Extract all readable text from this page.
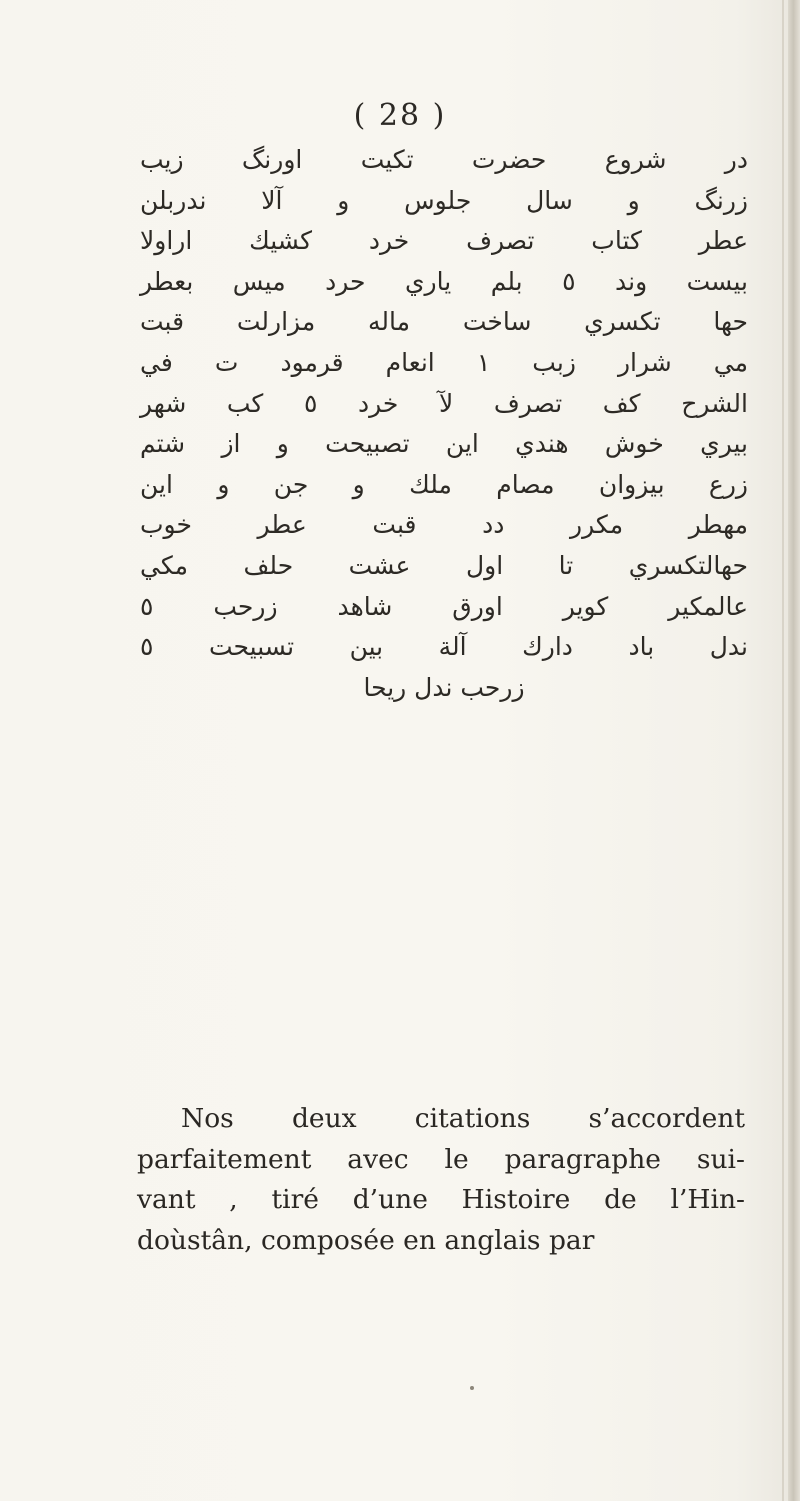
( 28 )
در شروع حضرت تكيت اورنگ زيب
زرنگ و سال جلوس و آلا ندربلن
عطر كتاب تصرف خرد كشيك اراولا
بيست وند ٥ بلم ياري حرد ميس بعطر
حها تكسري ساخت ماله مزارلت قبت
مي شرار زبب ١ انعام قرمود ت في
الشرح كف تصرف لآ خرد ٥ كب شهر
بيري خوش هندي اين تصبيحت و از شتم
زرع بيزوان مصام ملك و جن و اين
مهطر مكرر دد قبت عطر خوب
حهالتكسري تا اول عشت حلف مكي
عالمكير كوير اورق شاهد زرحب ٥
ندل باد دارك آلة بين تسبيحت ٥
زرحب ندل ريحا
Nos deux citations s’accordent
parfaitement avec le paragraphe sui-
vant , tiré d’une Histoire de l’Hin-
doùstân, composée en anglais par
